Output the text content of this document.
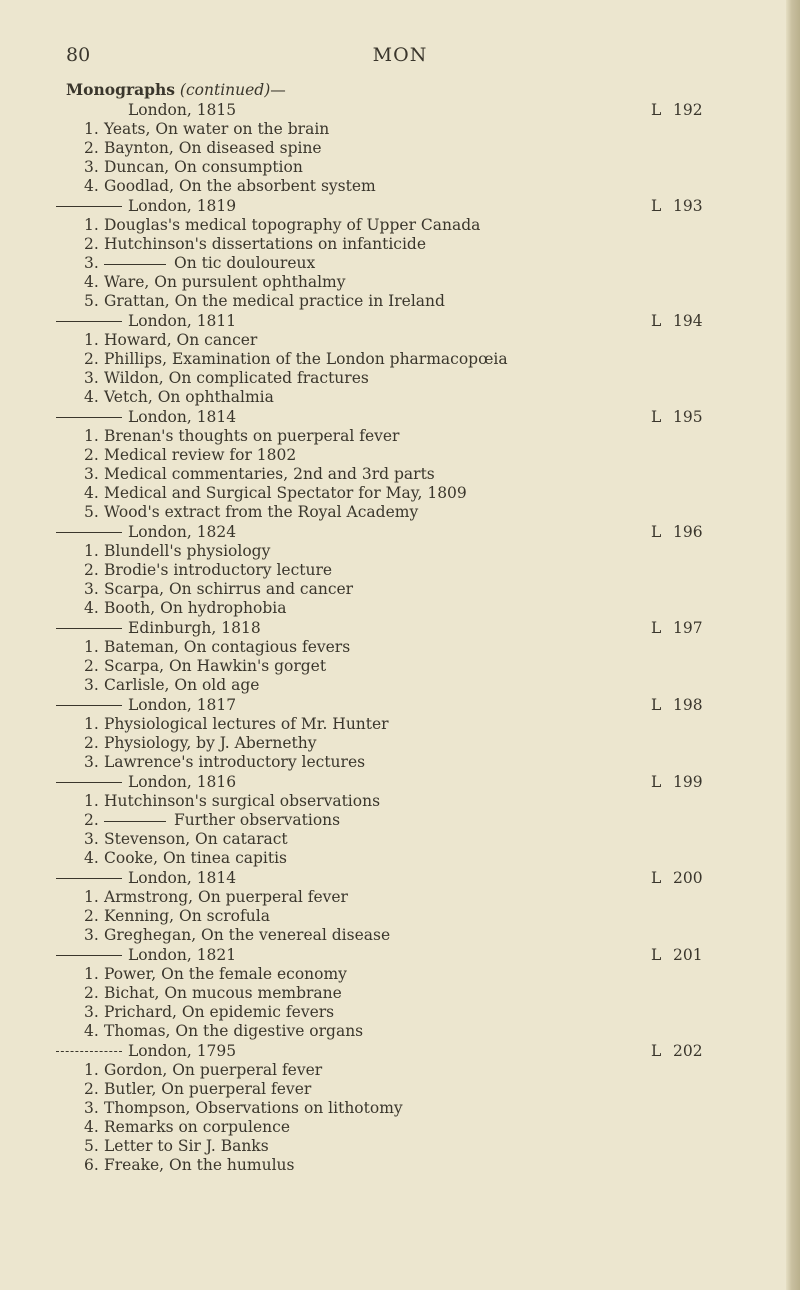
80	MON
Monographs (continued)—
London, 1815	L 192
1. Yeats, On water on the brain
2. Baynton, On diseased spine
3. Duncan, On consumption
4. Goodlad, On the absorbent system
London, 1819	L 193
1. Douglas's medical topography of Upper Canada
2. Hutchinson's dissertations on infanticide
3.	On tic douloureux
4. Ware, On pursulent ophthalmy
5. Grattan, On the medical practice in Ireland
London, 1811	L 194
1. Howard, On cancer
2. Phillips, Examination of the London pharmacopœia
3. Wildon, On complicated fractures
4. Vetch, On ophthalmia
London, 1814	L 195
1. Brenan's thoughts on puerperal fever
2. Medical review for 1802
3. Medical commentaries, 2nd and 3rd parts
4. Medical and Surgical Spectator for May, 1809
5. Wood's extract from the Royal Academy
London, 1824	L 196
1. Blundell's physiology
2. Brodie's introductory lecture
3. Scarpa, On schirrus and cancer
4. Booth, On hydrophobia
Edinburgh, 1818	L 197
1. Bateman, On contagious fevers
2. Scarpa, On Hawkin's gorget
3. Carlisle, On old age
London, 1817	L 198
1. Physiological lectures of Mr. Hunter
2. Physiology, by J. Abernethy
3. Lawrence's introductory lectures
London, 1816	L 199
1. Hutchinson's surgical observations
2.	Further observations
3. Stevenson, On cataract
4. Cooke, On tinea capitis
London, 1814	L 200
1. Armstrong, On puerperal fever
2. Kenning, On scrofula
3. Greghegan, On the venereal disease
London, 1821	L 201
1. Power, On the female economy
2. Bichat, On mucous membrane
3. Prichard, On epidemic fevers
4. Thomas, On the digestive organs
London, 1795	L 202
1. Gordon, On puerperal fever
2. Butler, On puerperal fever
3. Thompson, Observations on lithotomy
4. Remarks on corpulence
5. Letter to Sir J. Banks
6. Freake, On the humulus
